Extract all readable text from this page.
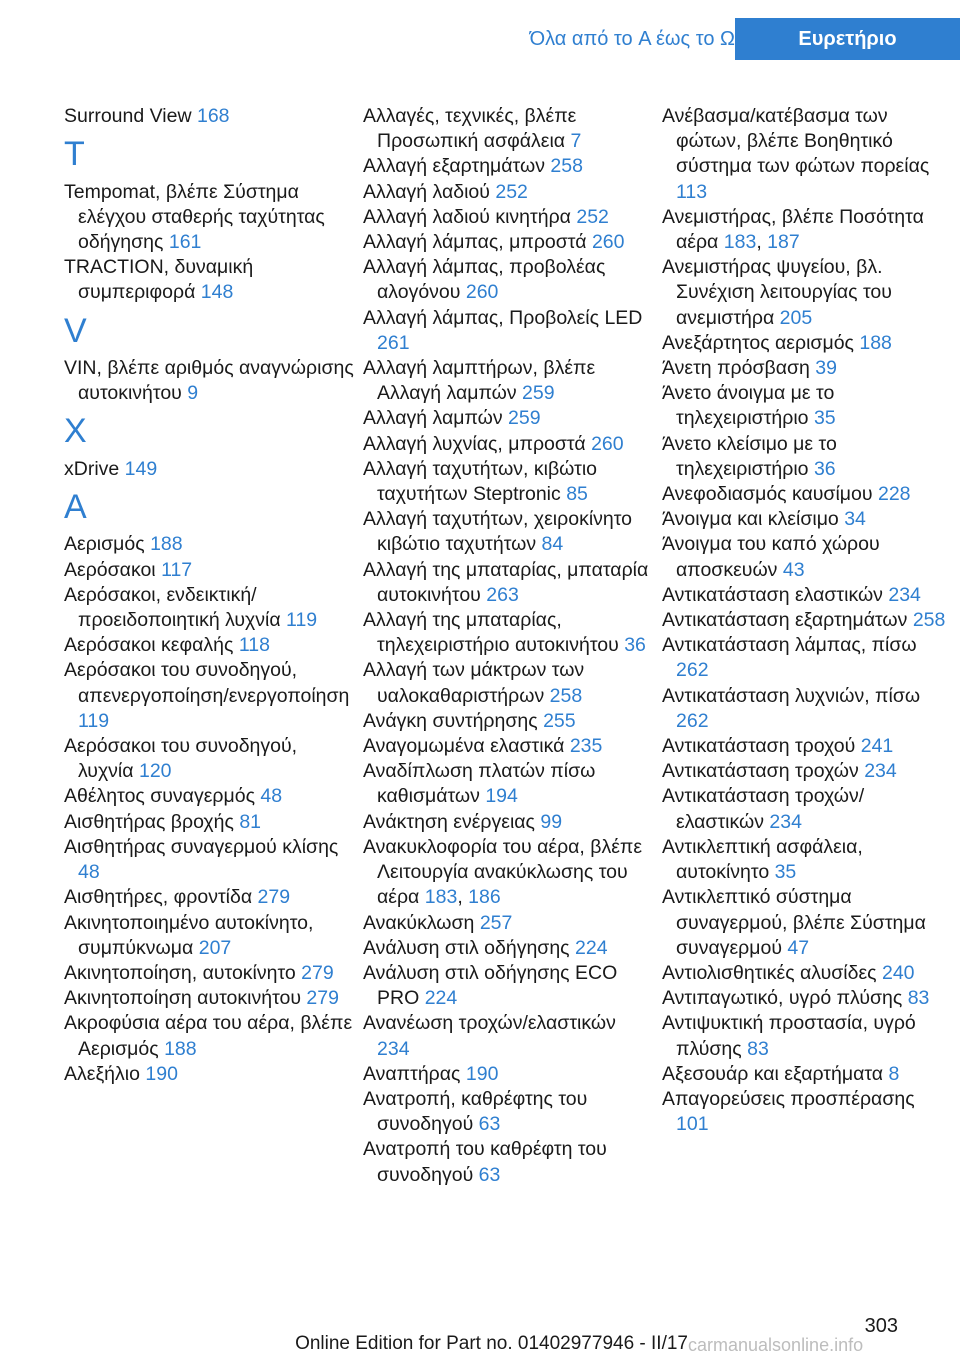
Όλα από το A έως το Ω	Ευρετήριο
Surround View 168
T
Tempomat, βλέπε Σύστημα ελέγχου σταθερής ταχύτητας οδήγησης 161
TRACTION, δυναμική συμπεριφορά 148
V
VIN, βλέπε αριθμός αναγνώρισης αυτοκινήτου 9
X
xDrive 149
A
Αερισμός 188
Αερόσακοι 117
Αερόσακοι, ενδεικτική/προειδοποιητική λυχνία 119
Αερόσακοι κεφαλής 118
Αερόσακοι του συνοδηγού, απενεργοποίηση/ενεργοποίηση 119
Αερόσακοι του συνοδηγού, λυχνία 120
Αθέλητος συναγερμός 48
Αισθητήρας βροχής 81
Αισθητήρας συναγερμού κλίσης 48
Αισθητήρες, φροντίδα 279
Ακινητοποιημένο αυτοκίνητο, συμπύκνωμα 207
Ακινητοποίηση, αυτοκίνητο 279
Ακινητοποίηση αυτοκινήτου 279
Ακροφύσια αέρα του αέρα, βλέπε Αερισμός 188
Αλεξήλιο 190
Αλλαγές, τεχνικές, βλέπε Προσωπική ασφάλεια 7
Αλλαγή εξαρτημάτων 258
Αλλαγή λαδιού 252
Αλλαγή λαδιού κινητήρα 252
Αλλαγή λάμπας, μπροστά 260
Αλλαγή λάμπας, προβολέας αλογόνου 260
Αλλαγή λάμπας, Προβολείς LED 261
Αλλαγή λαμπτήρων, βλέπε Αλλαγή λαμπών 259
Αλλαγή λαμπών 259
Αλλαγή λυχνίας, μπροστά 260
Αλλαγή ταχυτήτων, κιβώτιο ταχυτήτων Steptronic 85
Αλλαγή ταχυτήτων, χειροκίνητο κιβώτιο ταχυτήτων 84
Αλλαγή της μπαταρίας, μπαταρία αυτοκινήτου 263
Αλλαγή της μπαταρίας, τηλεχειριστήριο αυτοκινήτου 36
Αλλαγή των μάκτρων των υαλοκαθαριστήρων 258
Ανάγκη συντήρησης 255
Αναγομωμένα ελαστικά 235
Αναδίπλωση πλατών πίσω καθισμάτων 194
Ανάκτηση ενέργειας 99
Ανακυκλοφορία του αέρα, βλέπε Λειτουργία ανακύκλωσης του αέρα 183, 186
Ανακύκλωση 257
Ανάλυση στιλ οδήγησης 224
Ανάλυση στιλ οδήγησης ECO PRO 224
Ανανέωση τροχών/ελαστικών 234
Αναπτήρας 190
Ανατροπή, καθρέφτης του συνοδηγού 63
Ανατροπή του καθρέφτη του συνοδηγού 63
Ανέβασμα/κατέβασμα των φώτων, βλέπε Βοηθητικό σύστημα των φώτων πορείας 113
Ανεμιστήρας, βλέπε Ποσότητα αέρα 183, 187
Ανεμιστήρας ψυγείου, βλ. Συνέχιση λειτουργίας του ανεμιστήρα 205
Ανεξάρτητος αερισμός 188
Άνετη πρόσβαση 39
Άνετο άνοιγμα με το τηλεχειριστήριο 35
Άνετο κλείσιμο με το τηλεχειριστήριο 36
Ανεφοδιασμός καυσίμου 228
Άνοιγμα και κλείσιμο 34
Άνοιγμα του καπό χώρου αποσκευών 43
Αντικατάσταση ελαστικών 234
Αντικατάσταση εξαρτημάτων 258
Αντικατάσταση λάμπας, πίσω 262
Αντικατάσταση λυχνιών, πίσω 262
Αντικατάσταση τροχού 241
Αντικατάσταση τροχών 234
Αντικατάσταση τροχών/ελαστικών 234
Αντικλεπτική ασφάλεια, αυτοκίνητο 35
Αντικλεπτικό σύστημα συναγερμού, βλέπε Σύστημα συναγερμού 47
Αντιολισθητικές αλυσίδες 240
Αντιπαγωτικό, υγρό πλύσης 83
Αντιψυκτική προστασία, υγρό πλύσης 83
Αξεσουάρ και εξαρτήματα 8
Απαγορεύσεις προσπέρασης 101
303
Online Edition for Part no. 01402977946 - II/17 carmanualsonline.info
